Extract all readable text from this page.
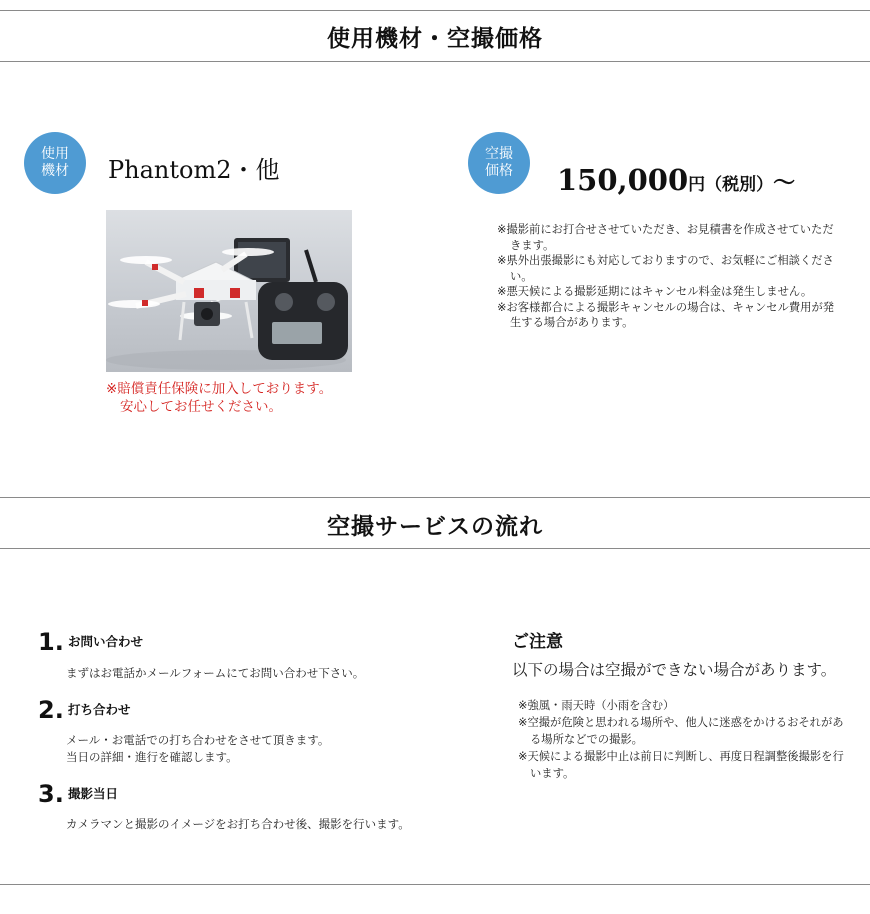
使用機材・空撮価格
使用
機材 Phantom2・他
※賠償責任保険に加入しております。
安心してお任せください。
空撮
価格 150,000円（税別）〜
※撮影前にお打合せさせていただき、お見積書を作成させていただきます。
※県外出張撮影にも対応しておりますので、お気軽にご相談ください。
※悪天候による撮影延期にはキャンセル料金は発生しません。
※お客様都合による撮影キャンセルの場合は、キャンセル費用が発生する場合があります。
空撮サービスの流れ
1. お問い合わせ
まずはお電話かメールフォームにてお問い合わせ下さい。
2. 打ち合わせ
メール・お電話での打ち合わせをさせて頂きます。
当日の詳細・進行を確認します。
3. 撮影当日
カメラマンと撮影のイメージをお打ち合わせ後、撮影を行います。
ご注意
以下の場合は空撮ができない場合があります。
※強風・雨天時（小雨を含む）
※空撮が危険と思われる場所や、他人に迷惑をかけるおそれがある場所などでの撮影。
※天候による撮影中止は前日に判断し、再度日程調整後撮影を行います。
